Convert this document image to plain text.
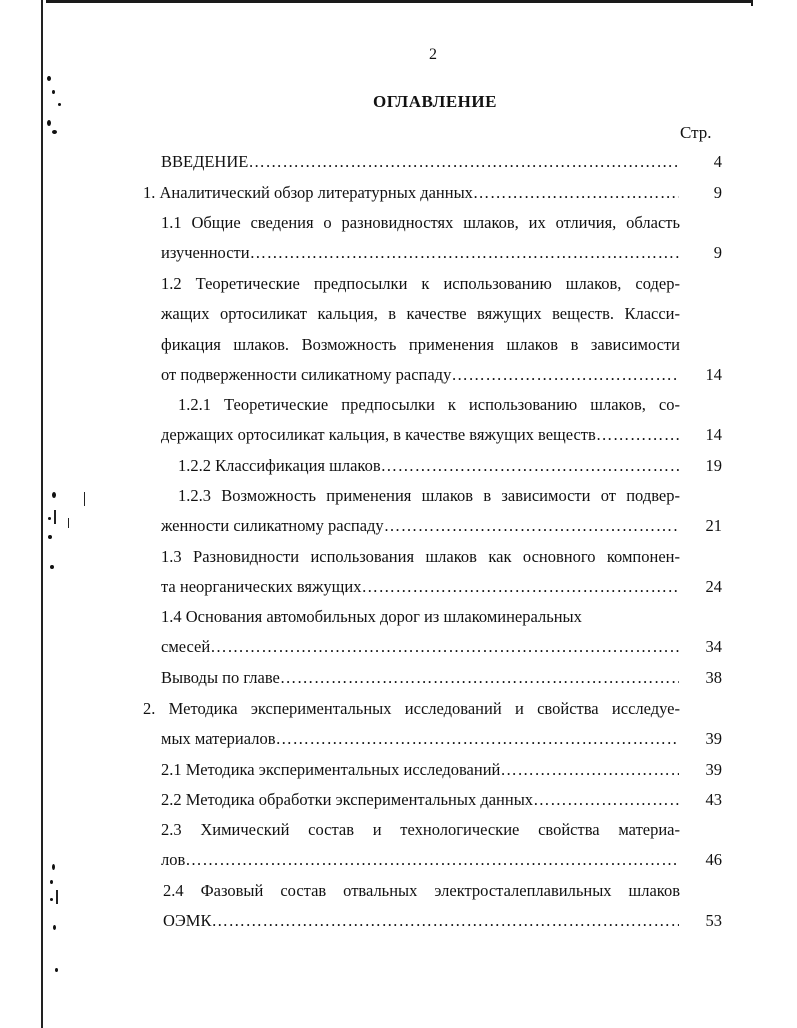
2
ОГЛАВЛЕНИЕ
Стр.
ВВЕДЕНИЕ …………………………………………………………………………………………………………………………………………………………………………	4
1. Аналитический обзор литературных данных …………………………………………………………………………………………………………………………………………………………………………	9
1.1 Общие сведения о разновидностях шлаков, их отличия, область
изученности …………………………………………………………………………………………………………………………………………………………………………	9
1.2 Теоретические предпосылки к использованию шлаков, содер-
жащих ортосиликат кальция, в качестве вяжущих веществ. Класси-
фикация шлаков. Возможность применения шлаков в зависимости
от подверженности силикатному распаду …………………………………………………………………………………………………………………………………………………………………………	14
1.2.1 Теоретические предпосылки к использованию шлаков, со-
держащих ортосиликат кальция, в качестве вяжущих веществ …………………………………………………………………………………………………………………………………………………………………………	14
1.2.2 Классификация шлаков …………………………………………………………………………………………………………………………………………………………………………	19
1.2.3 Возможность применения шлаков в зависимости от подвер-
женности силикатному распаду …………………………………………………………………………………………………………………………………………………………………………	21
1.3 Разновидности использования шлаков как основного компонен-
та неорганических вяжущих …………………………………………………………………………………………………………………………………………………………………………	24
1.4 Основания автомобильных дорог из шлакоминеральных
смесей …………………………………………………………………………………………………………………………………………………………………………	34
Выводы по главе …………………………………………………………………………………………………………………………………………………………………………	38
2. Методика экспериментальных исследований и свойства исследуе-
мых материалов …………………………………………………………………………………………………………………………………………………………………………	39
2.1 Методика экспериментальных исследований …………………………………………………………………………………………………………………………………………………………………………	39
2.2 Методика обработки экспериментальных данных …………………………………………………………………………………………………………………………………………………………………………	43
2.3 Химический состав и технологические свойства материа-
лов …………………………………………………………………………………………………………………………………………………………………………	46
2.4 Фазовый состав отвальных электросталеплавильных шлаков
ОЭМК …………………………………………………………………………………………………………………………………………………………………………	53
